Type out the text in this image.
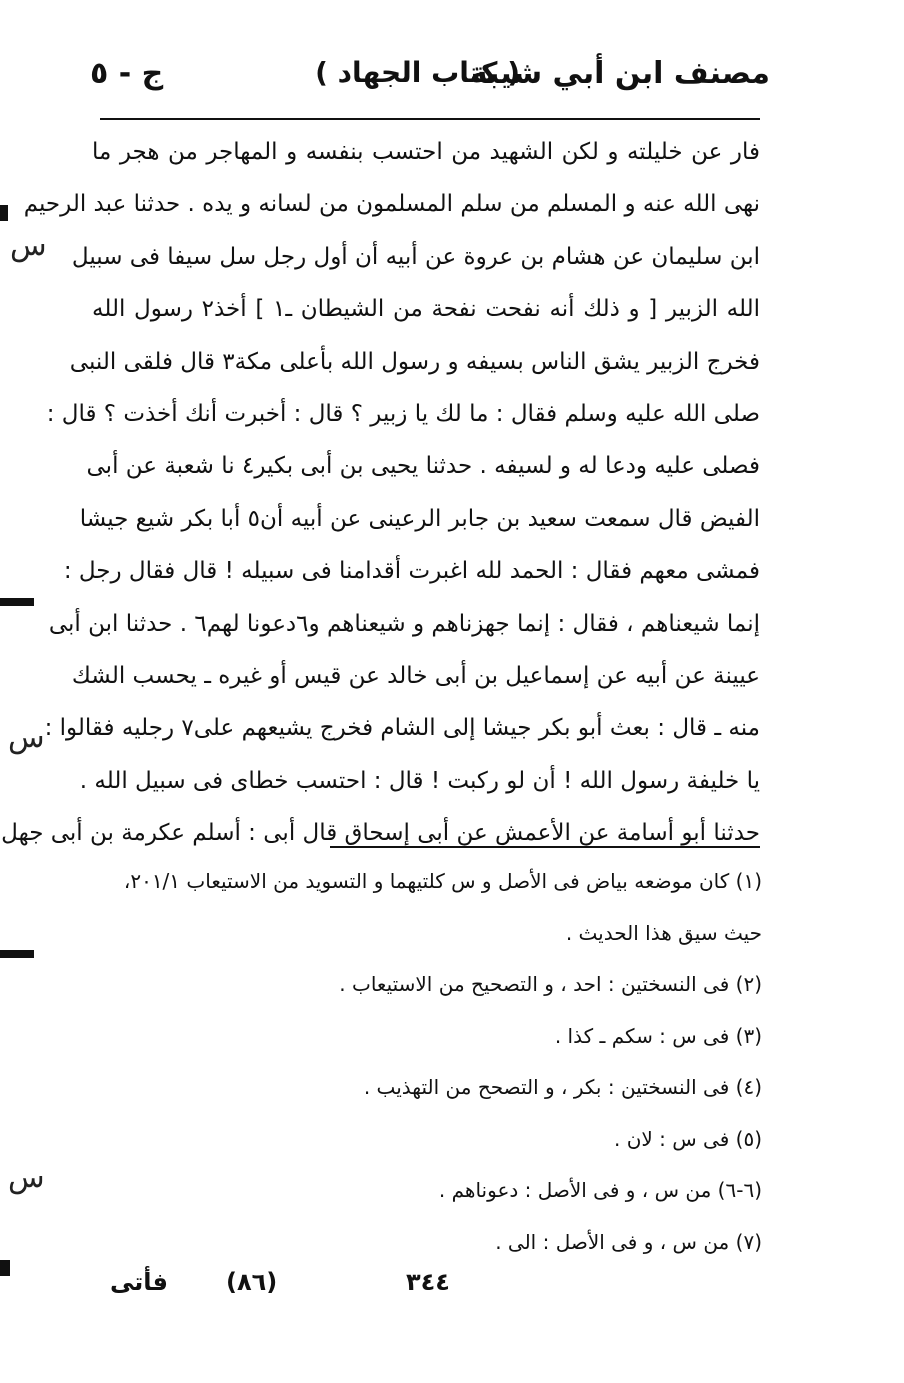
مصنف ابن أبي شيبة
( كتاب الجهاد )
ج - ٥
فار عن خليلته و لكن الشهيد من احتسب بنفسه و المهاجر من هجر ما
نهى الله عنه و المسلم من سلم المسلمون من لسانه و يده . حدثنا عبد الرحيم
ابن سليمان عن هشام بن عروة عن أبيه أن أول رجل سل سيفا فى سبيل
الله الزبير [ و ذلك أنه نفحت نفحة من الشيطان ـ١ ] أخذ٢ رسول الله
فخرج الزبير يشق الناس بسيفه و رسول الله بأعلى مكة٣ قال فلقى النبى
صلى الله عليه وسلم فقال : ما لك يا زبير ؟ قال : أخبرت أنك أخذت ؟ قال :
فصلى عليه ودعا له و لسيفه . حدثنا يحيى بن أبى بكير٤ نا شعبة عن أبى
الفيض قال سمعت سعيد بن جابر الرعينى عن أبيه أن٥ أبا بكر شيع جيشا
فمشى معهم فقال : الحمد لله اغبرت أقدامنا فى سبيله ! قال فقال رجل :
إنما شيعناهم ، فقال : إنما جهزناهم و شيعناهم و٦دعونا لهم٦ . حدثنا ابن أبى
عيينة عن أبيه عن إسماعيل بن أبى خالد عن قيس أو غيره ـ يحسب الشك
منه ـ قال : بعث أبو بكر جيشا إلى الشام فخرج يشيعهم على٧ رجليه فقالوا :
يا خليفة رسول الله ! أن لو ركبت ! قال : احتسب خطاى فى سبيل الله .
حدثنا أبو أسامة عن الأعمش عن أبى إسحاق قال أبى : أسلم عكرمة بن أبى جهل
(١) كان موضعه بياض فى الأصل و س كلتيهما و التسويد من الاستيعاب ٢٠١/١،
حيث سيق هذا الحديث .
(٢) فى النسختين : احد ، و التصحيح من الاستيعاب .
(٣) فى س : سكم ـ كذا .
(٤) فى النسختين : بكر ، و التصحح من التهذيب .
(٥) فى س : لان .
(٦-٦) من س ، و فى الأصل : دعوناهم .
(٧) من س ، و فى الأصل : الى .
فأتى (٨٦)	٣٤٤
ﺱ
ﺱ
ﺱ
